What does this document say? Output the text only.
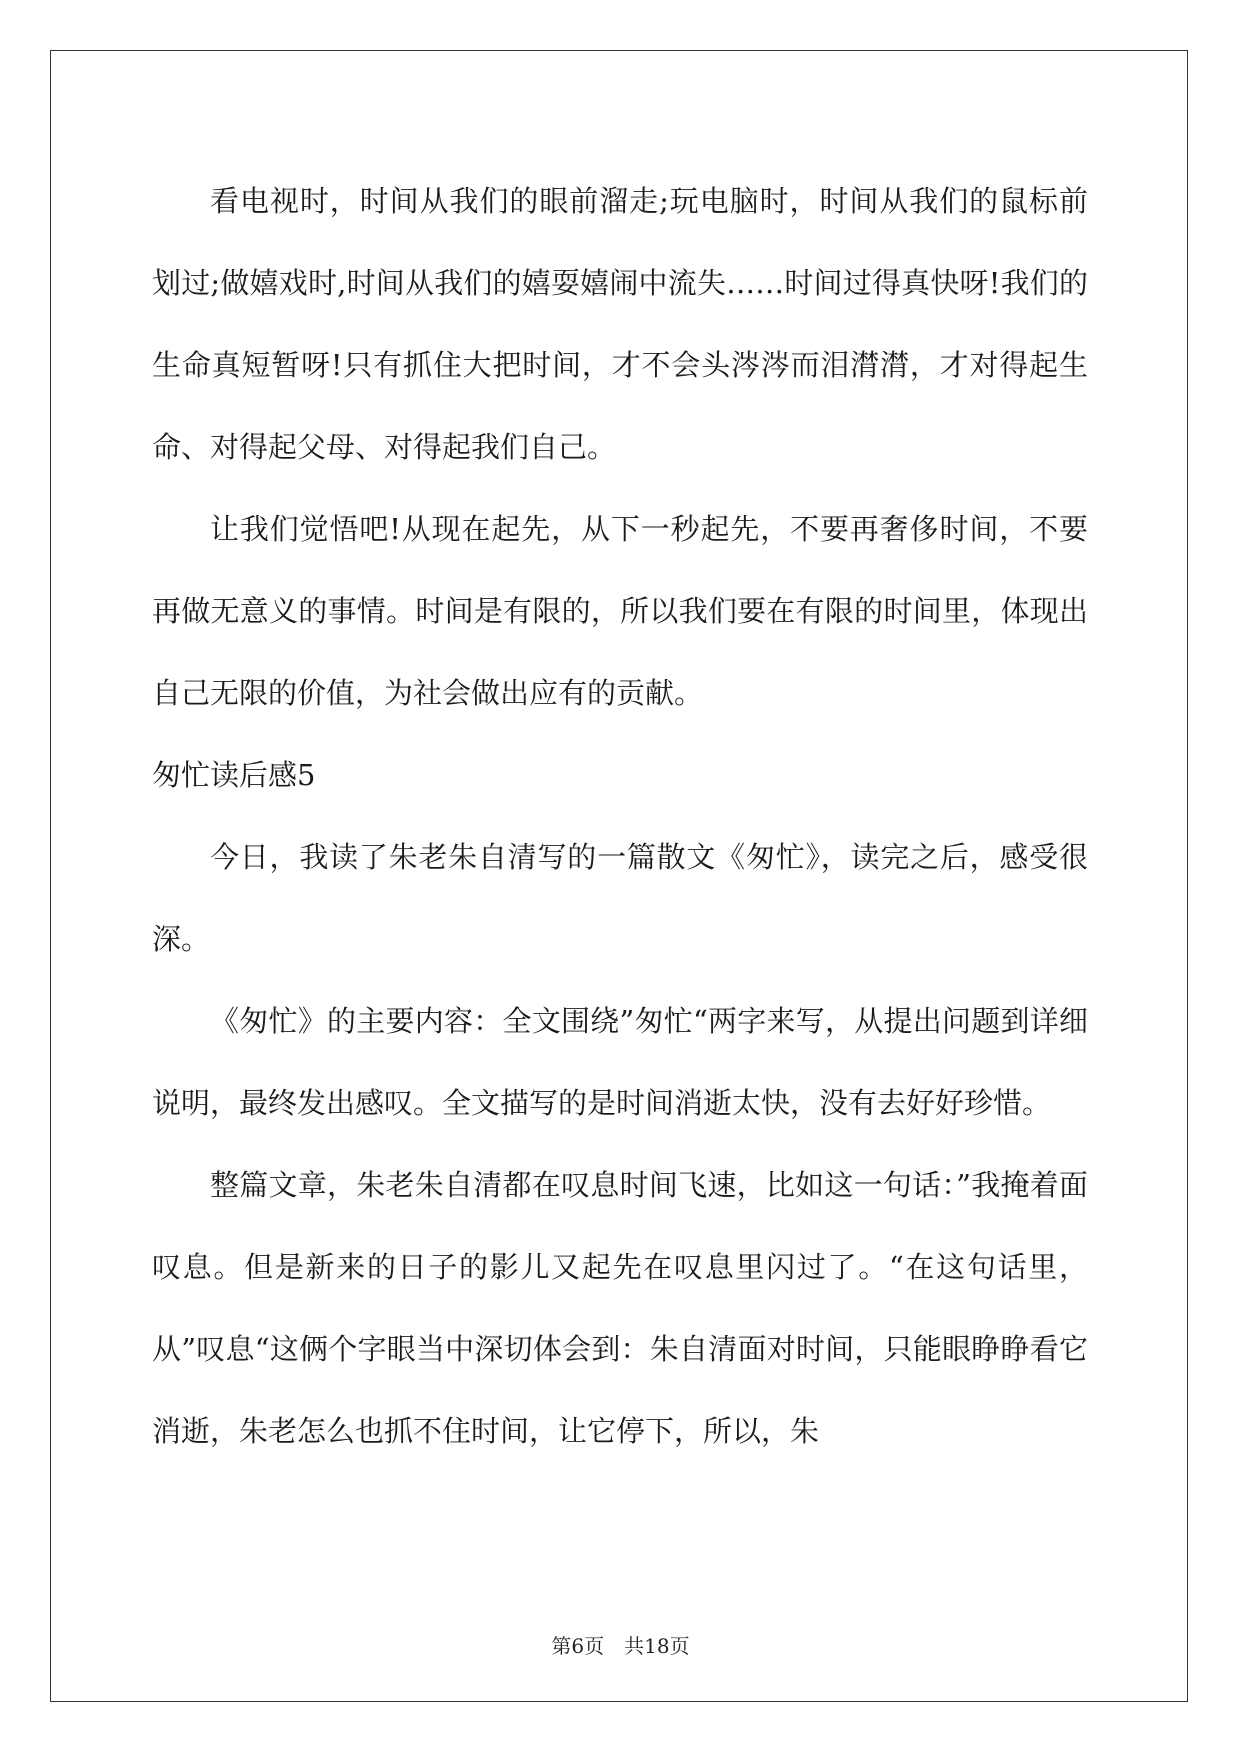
看电视时，时间从我们的眼前溜走;玩电脑时，时间从我们的鼠标前划过;做嬉戏时,时间从我们的嬉耍嬉闹中流失……时间过得真快呀!我们的生命真短暂呀!只有抓住大把时间，才不会头涔涔而泪潸潸，才对得起生命、对得起父母、对得起我们自己。

让我们觉悟吧!从现在起先，从下一秒起先，不要再奢侈时间，不要再做无意义的事情。时间是有限的，所以我们要在有限的时间里，体现出自己无限的价值，为社会做出应有的贡献。

匆忙读后感5

今日，我读了朱老朱自清写的一篇散文《匆忙》，读完之后，感受很深。

《匆忙》的主要内容：全文围绕”匆忙“两字来写，从提出问题到详细说明，最终发出感叹。全文描写的是时间消逝太快，没有去好好珍惜。

整篇文章，朱老朱自清都在叹息时间飞速，比如这一句话：”我掩着面叹息。但是新来的日子的影儿又起先在叹息里闪过了。“在这句话里，从”叹息“这俩个字眼当中深切体会到：朱自清面对时间，只能眼睁睁看它消逝，朱老怎么也抓不住时间，让它停下，所以，朱

第6页　共18页
